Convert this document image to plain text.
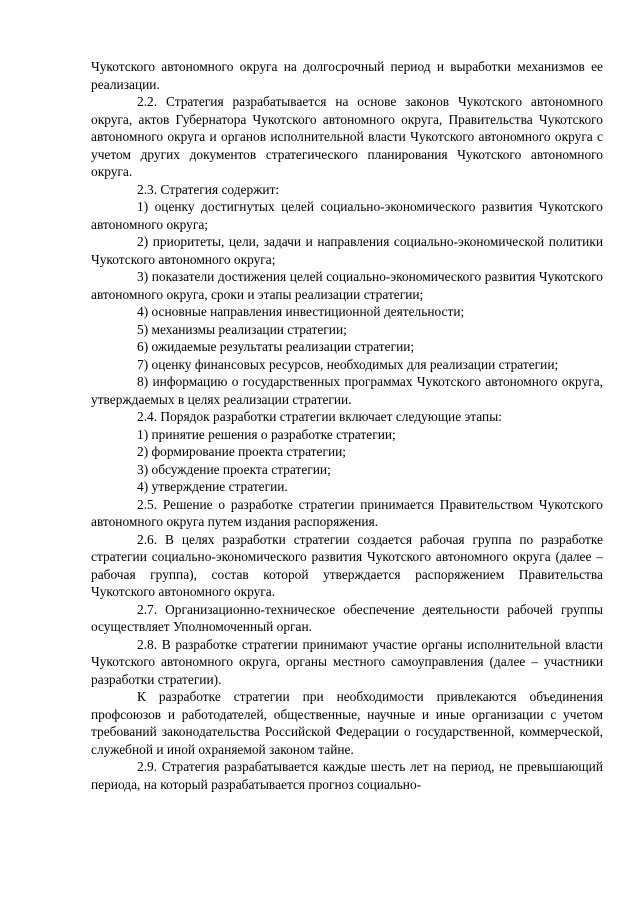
Чукотского автономного округа на долгосрочный период и выработки механизмов ее реализации.

2.2. Стратегия разрабатывается на основе законов Чукотского автономного округа, актов Губернатора Чукотского автономного округа, Правительства Чукотского автономного округа и органов исполнительной власти Чукотского автономного округа с учетом других документов стратегического планирования Чукотского автономного округа.

2.3. Стратегия содержит:

1) оценку достигнутых целей социально-экономического развития Чукотского автономного округа;

2) приоритеты, цели, задачи и направления социально-экономической политики Чукотского автономного округа;

3) показатели достижения целей социально-экономического развития Чукотского автономного округа, сроки и этапы реализации стратегии;

4) основные направления инвестиционной деятельности;

5) механизмы реализации стратегии;

6) ожидаемые результаты реализации стратегии;

7) оценку финансовых ресурсов, необходимых для реализации стратегии;

8) информацию о государственных программах Чукотского автономного округа, утверждаемых в целях реализации стратегии.

2.4. Порядок разработки стратегии включает следующие этапы:

1) принятие решения о разработке стратегии;

2) формирование проекта стратегии;

3) обсуждение проекта стратегии;

4) утверждение стратегии.

2.5. Решение о разработке стратегии принимается Правительством Чукотского автономного округа путем издания распоряжения.

2.6. В целях разработки стратегии создается рабочая группа по разработке стратегии социально-экономического развития Чукотского автономного округа (далее – рабочая группа), состав которой утверждается распоряжением Правительства Чукотского автономного округа.

2.7. Организационно-техническое обеспечение деятельности рабочей группы осуществляет Уполномоченный орган.

2.8. В разработке стратегии принимают участие органы исполнительной власти Чукотского автономного округа, органы местного самоуправления (далее – участники разработки стратегии).

К разработке стратегии при необходимости привлекаются объединения профсоюзов и работодателей, общественные, научные и иные организации с учетом требований законодательства Российской Федерации о государственной, коммерческой, служебной и иной охраняемой законом тайне.

2.9. Стратегия разрабатывается каждые шесть лет на период, не превышающий периода, на который разрабатывается прогноз социально-
